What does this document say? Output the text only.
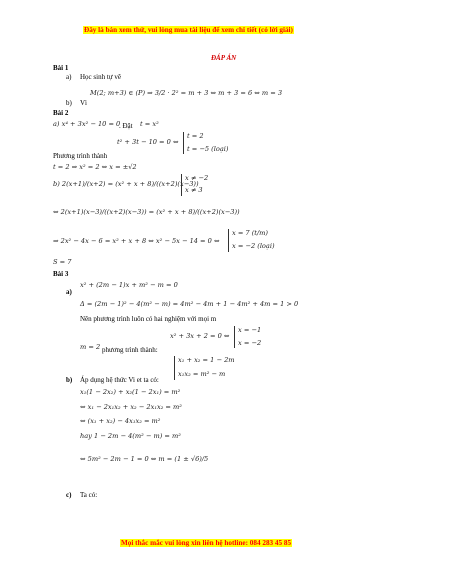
Đây là bản xem thử, vui lòng mua tài liệu để xem chi tiết (có lời giải)
ĐÁP ÁN
Bài 1
a) Học sinh tự vẽ
M(2; m+3) ∈ (P) ⇒ 3/2 · 2² = m + 3 ⇔ m + 3 = 6 ⇔ m = 3
b) Vì
Bài 2
a) x⁴ + 3x² − 10 = 0
. Đặt t = x²
t² + 3t − 10 = 0 ⇔
t = 2
t = −5 (loại)
Phương trình thành
t = 2 ⇒ x² = 2 ⇔ x = ±√2
b) 2(x+1)/(x+2) = (x² + x + 8)/((x+2)(x−3))
x ≠ −2
x ≠ 3
⇔ 2(x+1)(x−3)/((x+2)(x−3)) = (x² + x + 8)/((x+2)(x−3))
⇒ 2x² − 4x − 6 = x² + x + 8 ⇔ x² − 5x − 14 = 0 ⇔
x = 7 (t/m)
x = −2 (loại)
S = 7
Bài 3
a)
x² + (2m − 1)x + m² − m = 0
Δ = (2m − 1)² − 4(m² − m) = 4m² − 4m + 1 − 4m² + 4m = 1 > 0
Nên phương trình luôn có hai nghiệm với mọi m
x² + 3x + 2 = 0 ⇔
x = −1
x = −2
m = 2 phương trình thành:
b) Áp dụng hệ thức Vi et ta có:
x₁ + x₂ = 1 − 2m
x₁x₂ = m² − m
x₁(1 − 2x₂) + x₂(1 − 2x₁) = m²
⇔ x₁ − 2x₁x₂ + x₂ − 2x₁x₂ = m²
⇔ (x₁ + x₂) − 4x₁x₂ = m²
hay 1 − 2m − 4(m² − m) = m²
⇔ 5m² − 2m − 1 = 0 ⇔ m = (1 ± √6)/5
c) Ta có:
Mọi thắc mắc vui lòng xin liên hệ hotline: 084 283 45 85
